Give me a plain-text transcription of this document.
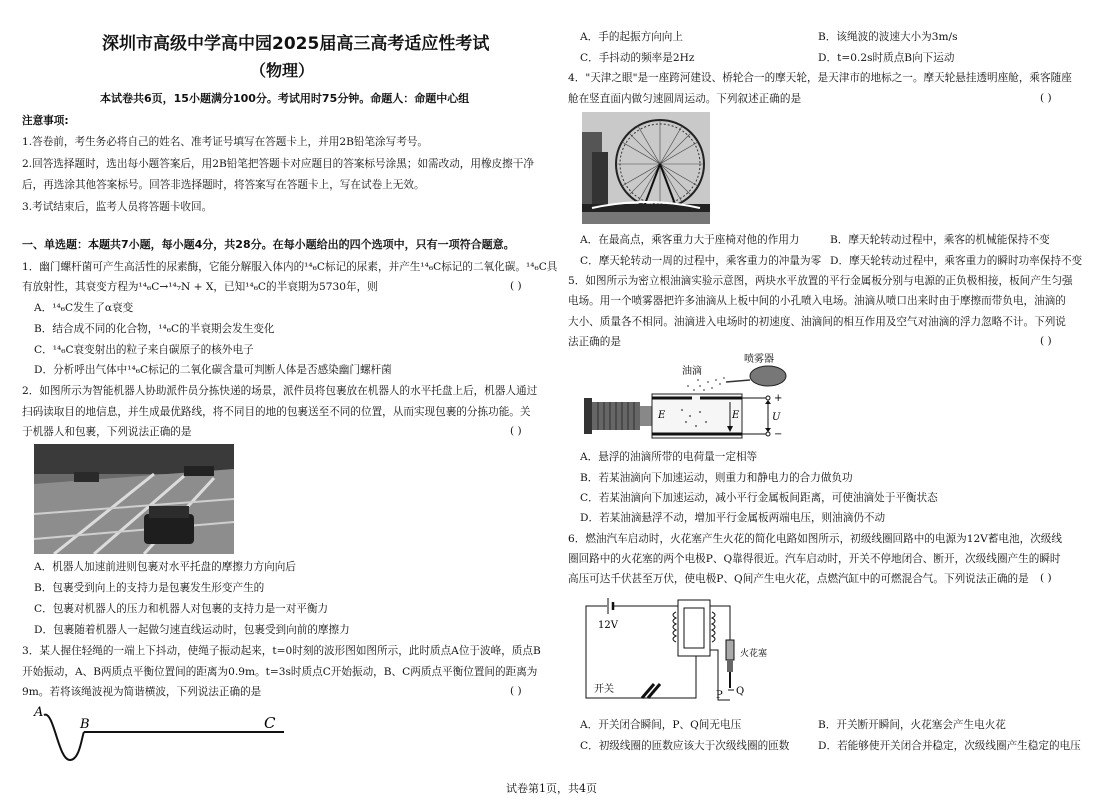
深圳市高级中学高中园2025届高三高考适应性考试
（物理）
本试卷共6页，15小题满分100分。考试用时75分钟。命题人：命题中心组
注意事项:
1.答卷前，考生务必将自己的姓名、准考证号填写在答题卡上，并用2B铅笔涂写考号。
2.回答选择题时，选出每小题答案后，用2B铅笔把答题卡对应题目的答案标号涂黑；如需改动，用橡皮擦干净
后，再选涂其他答案标号。回答非选择题时，将答案写在答题卡上，写在试卷上无效。
3.考试结束后，监考人员将答题卡收回。
一、单选题：本题共7小题，每小题4分，共28分。在每小题给出的四个选项中，只有一项符合题意。
1．幽门螺杆菌可产生高活性的尿素酶，它能分解服入体内的¹⁴₆C标记的尿素，并产生¹⁴₆C标记的二氧化碳。¹⁴₆C具
有放射性，其衰变方程为¹⁴₆C→¹⁴₇N + X，已知¹⁴₆C的半衰期为5730年，则	( )
A．¹⁴₆C发生了α衰变
B．结合成不同的化合物，¹⁴₆C的半衰期会发生变化
C．¹⁴₆C衰变射出的粒子来自碳原子的核外电子
D．分析呼出气体中¹⁴₆C标记的二氧化碳含量可判断人体是否感染幽门螺杆菌
2．如图所示为智能机器人协助派件员分拣快递的场景，派件员将包裹放在机器人的水平托盘上后，机器人通过
扫码读取目的地信息，并生成最优路线，将不同目的地的包裹送至不同的位置，从而实现包裹的分拣功能。关
于机器人和包裹，下列说法正确的是	( )
A．机器人加速前进则包裹对水平托盘的摩擦力方向向后
B．包裹受到向上的支持力是包裹发生形变产生的
C．包裹对机器人的压力和机器人对包裹的支持力是一对平衡力
D．包裹随着机器人一起做匀速直线运动时，包裹受到向前的摩擦力
3．某人握住轻绳的一端上下抖动，使绳子振动起来，t=0时刻的波形图如图所示，此时质点A位于波峰，质点B
开始振动，A、B两质点平衡位置间的距离为0.9m。t=3s时质点C开始振动，B、C两质点平衡位置间的距离为
9m。若将该绳波视为简谐横波，下列说法正确的是	( )
A
B	C
A．手的起振方向向上	B．该绳波的波速大小为3m/s
C．手抖动的频率是2Hz	D．t=0.2s时质点B向下运动
4．"天津之眼"是一座跨河建设、桥轮合一的摩天轮，是天津市的地标之一。摩天轮悬挂透明座舱，乘客随座
舱在竖直面内做匀速圆周运动。下列叙述正确的是	( )
A．在最高点，乘客重力大于座椅对他的作用力	B．摩天轮转动过程中，乘客的机械能保持不变
C．摩天轮转动一周的过程中，乘客重力的冲量为零 D．摩天轮转动过程中，乘客重力的瞬时功率保持不变
5．如图所示为密立根油滴实验示意图，两块水平放置的平行金属板分别与电源的正负极相接，板间产生匀强
电场。用一个喷雾器把许多油滴从上板中间的小孔喷入电场。油滴从喷口出来时由于摩擦而带负电，油滴的
大小、质量各不相同。油滴进入电场时的初速度、油滴间的相互作用及空气对油滴的浮力忽略不计。下列说
法正确的是	( )
E	E
油滴
喷雾器
+
−
U
A．悬浮的油滴所带的电荷量一定相等
B．若某油滴向下加速运动，则重力和静电力的合力做负功
C．若某油滴向下加速运动，减小平行金属板间距离，可使油滴处于平衡状态
D．若某油滴悬浮不动，增加平行金属板两端电压，则油滴仍不动
6．燃油汽车启动时，火花塞产生火花的简化电路如图所示，初级线圈回路中的电源为12V蓄电池，次级线
圈回路中的火花塞的两个电极P、Q靠得很近。汽车启动时，开关不停地闭合、断开，次级线圈产生的瞬时
高压可达千伏甚至万伏，使电极P、Q间产生电火花，点燃汽缸中的可燃混合气。下列说法正确的是 ( )
12V
火花塞
P Q
开关
A．开关闭合瞬间，P、Q间无电压	B．开关断开瞬间，火花塞会产生电火花
C．初级线圈的匝数应该大于次级线圈的匝数	D．若能够使开关闭合并稳定，次级线圈产生稳定的电压
试卷第1页，共4页
